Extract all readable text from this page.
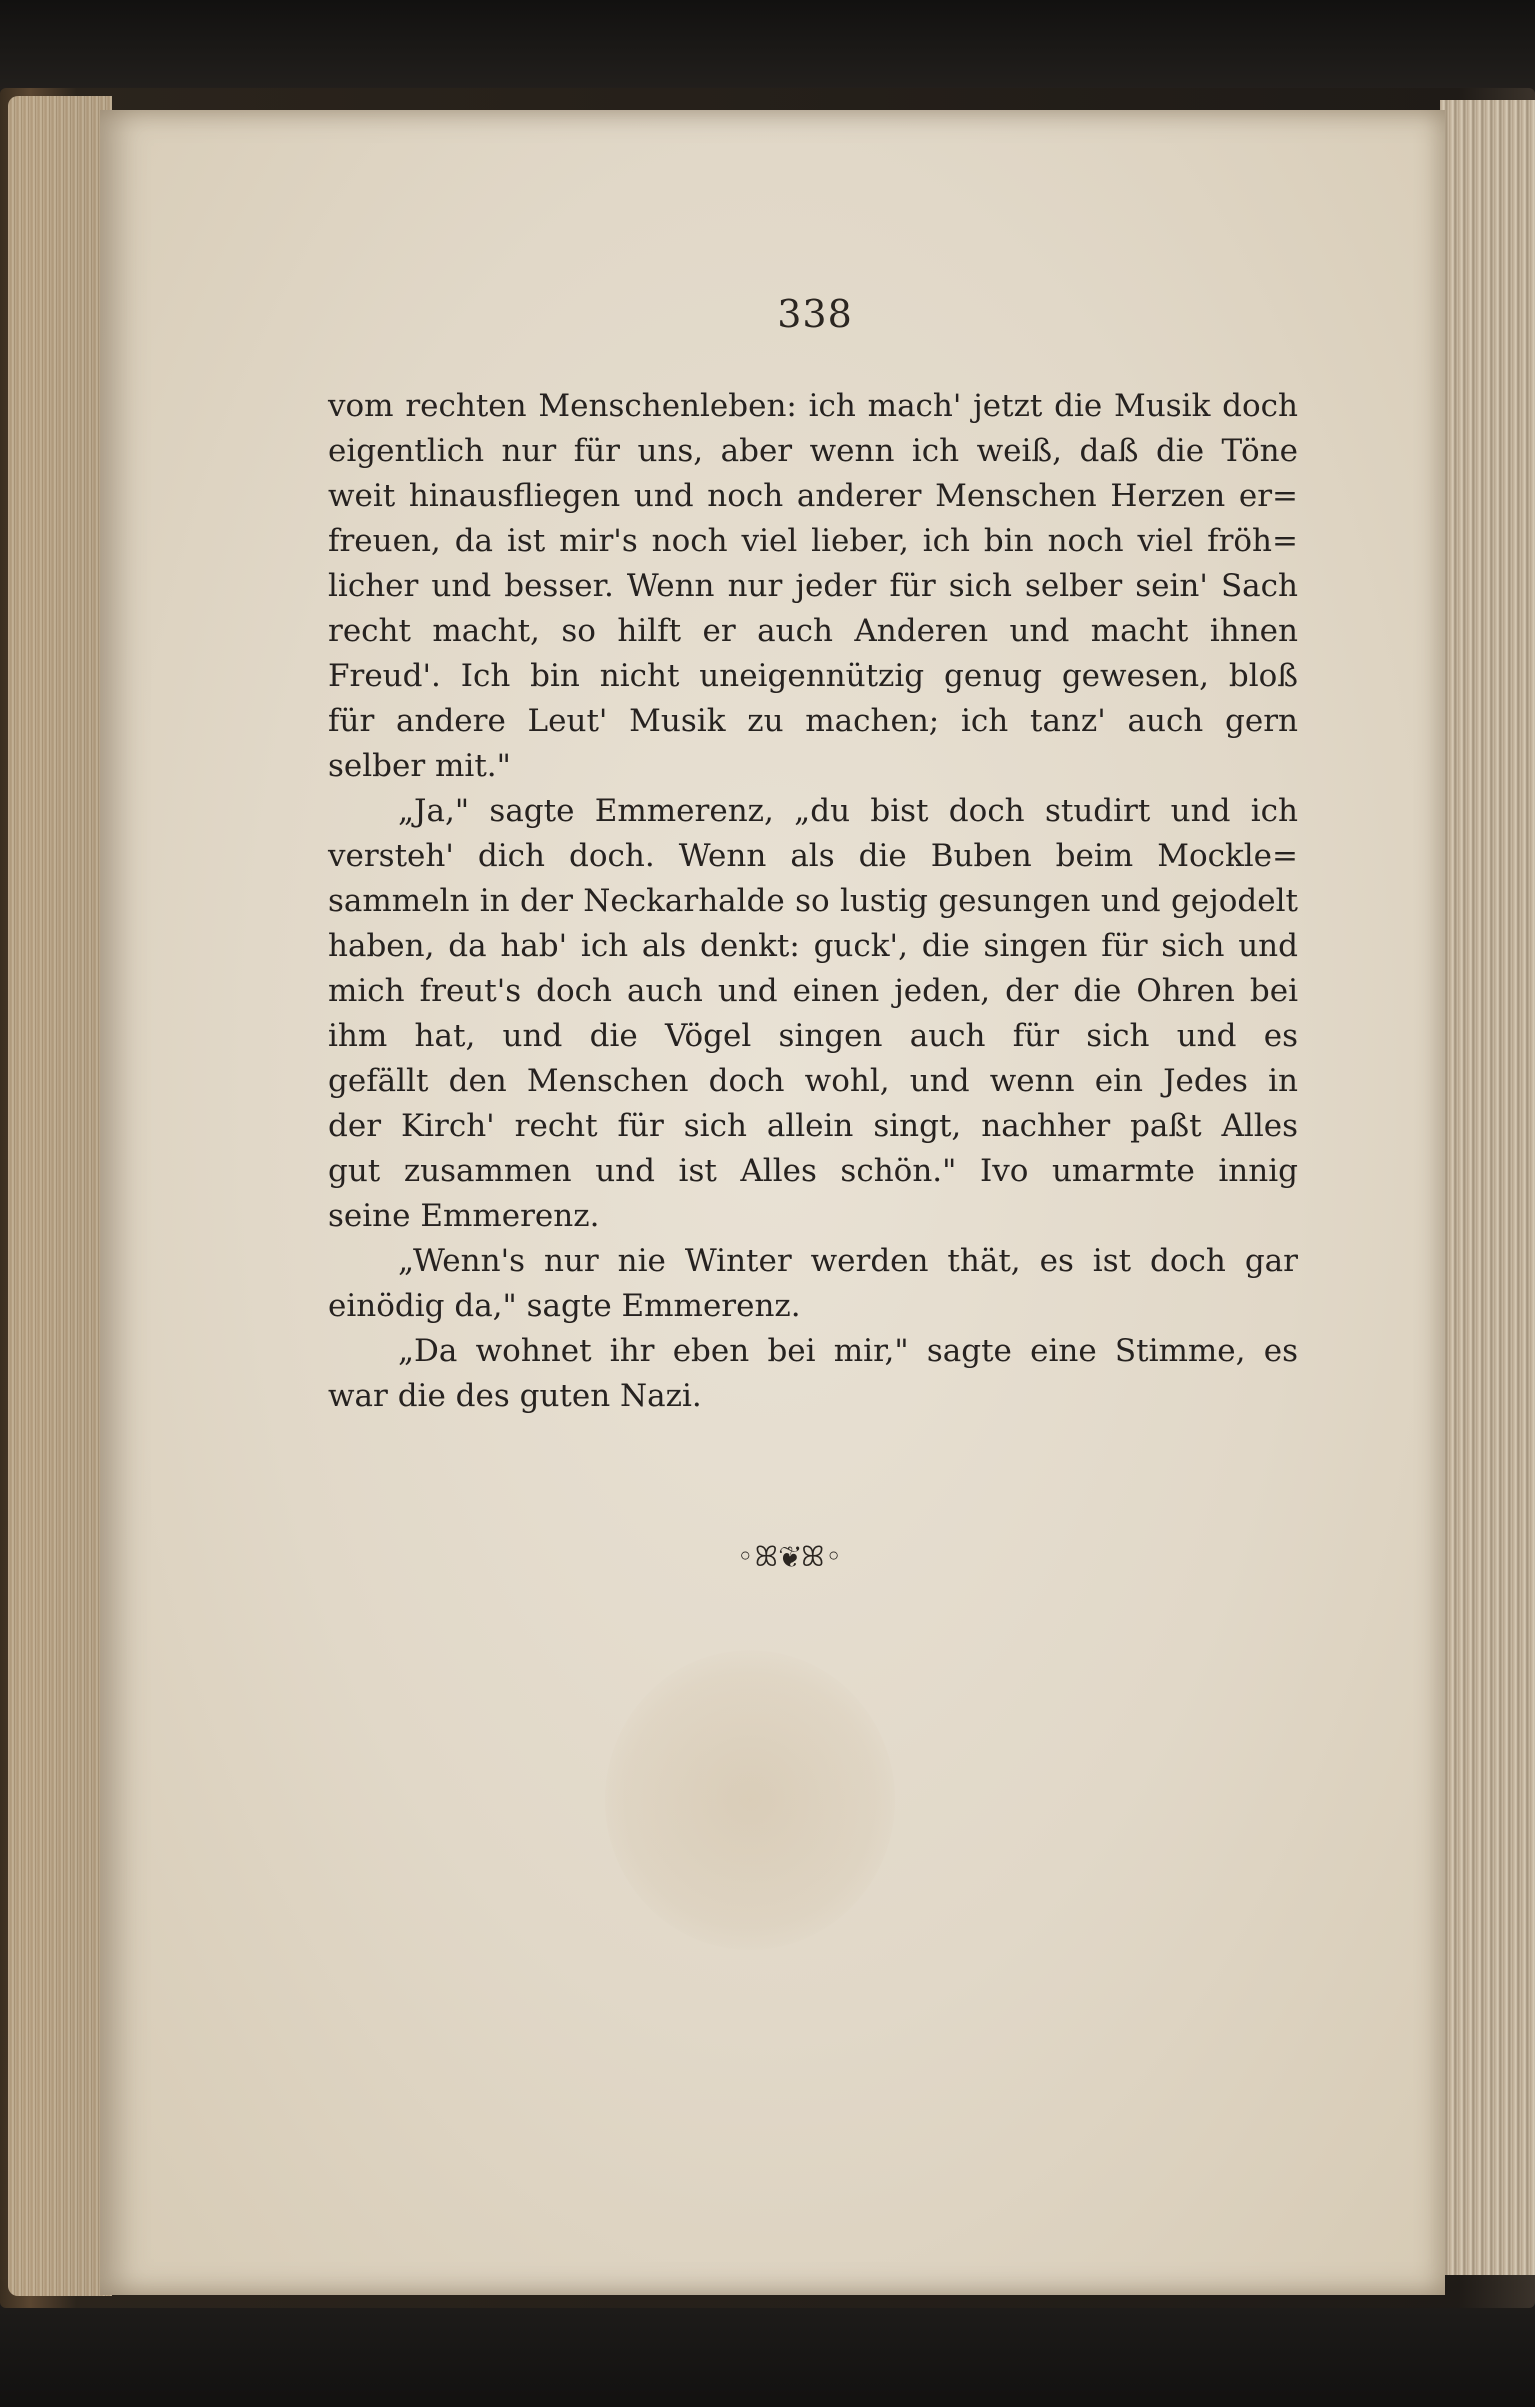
338
vom rechten Menschenleben: ich mach' jetzt die Musik doch
eigentlich nur für uns, aber wenn ich weiß, daß die Töne
weit hinausfliegen und noch anderer Menschen Herzen er=
freuen, da ist mir's noch viel lieber, ich bin noch viel fröh=
licher und besser. Wenn nur jeder für sich selber sein' Sach
recht macht, so hilft er auch Anderen und macht ihnen
Freud'. Ich bin nicht uneigennützig genug gewesen, bloß
für andere Leut' Musik zu machen; ich tanz' auch gern
selber mit."
„Ja," sagte Emmerenz, „du bist doch studirt und ich
versteh' dich doch. Wenn als die Buben beim Mockle=
sammeln in der Neckarhalde so lustig gesungen und gejodelt
haben, da hab' ich als denkt: guck', die singen für sich und
mich freut's doch auch und einen jeden, der die Ohren bei
ihm hat, und die Vögel singen auch für sich und es
gefällt den Menschen doch wohl, und wenn ein Jedes in
der Kirch' recht für sich allein singt, nachher paßt Alles
gut zusammen und ist Alles schön." Ivo umarmte innig
seine Emmerenz.
„Wenn's nur nie Winter werden thät, es ist doch gar
einödig da," sagte Emmerenz.
„Da wohnet ihr eben bei mir," sagte eine Stimme, es
war die des guten Nazi.
◦ꕤ❦ꕤ◦
